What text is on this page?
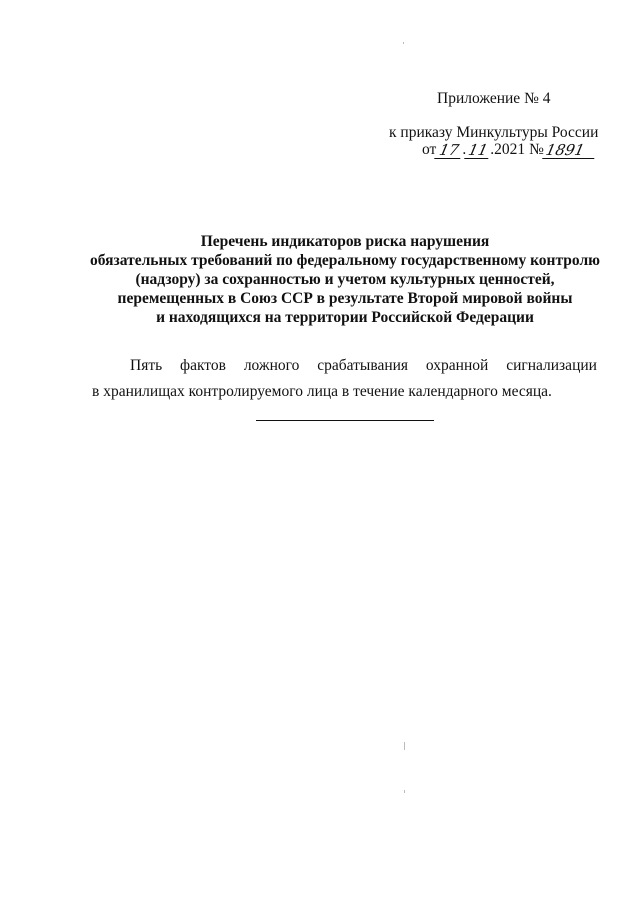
Приложение № 4
к приказу Минкультуры России
от 17 . 11 .2021 № 1891
Перечень индикаторов риска нарушения
обязательных требований по федеральному государственному контролю
(надзору) за сохранностью и учетом культурных ценностей,
перемещенных в Союз ССР в результате Второй мировой войны
и находящихся на территории Российской Федерации
Пять фактов ложного срабатывания охранной сигнализации
в хранилищах контролируемого лица в течение календарного месяца.
